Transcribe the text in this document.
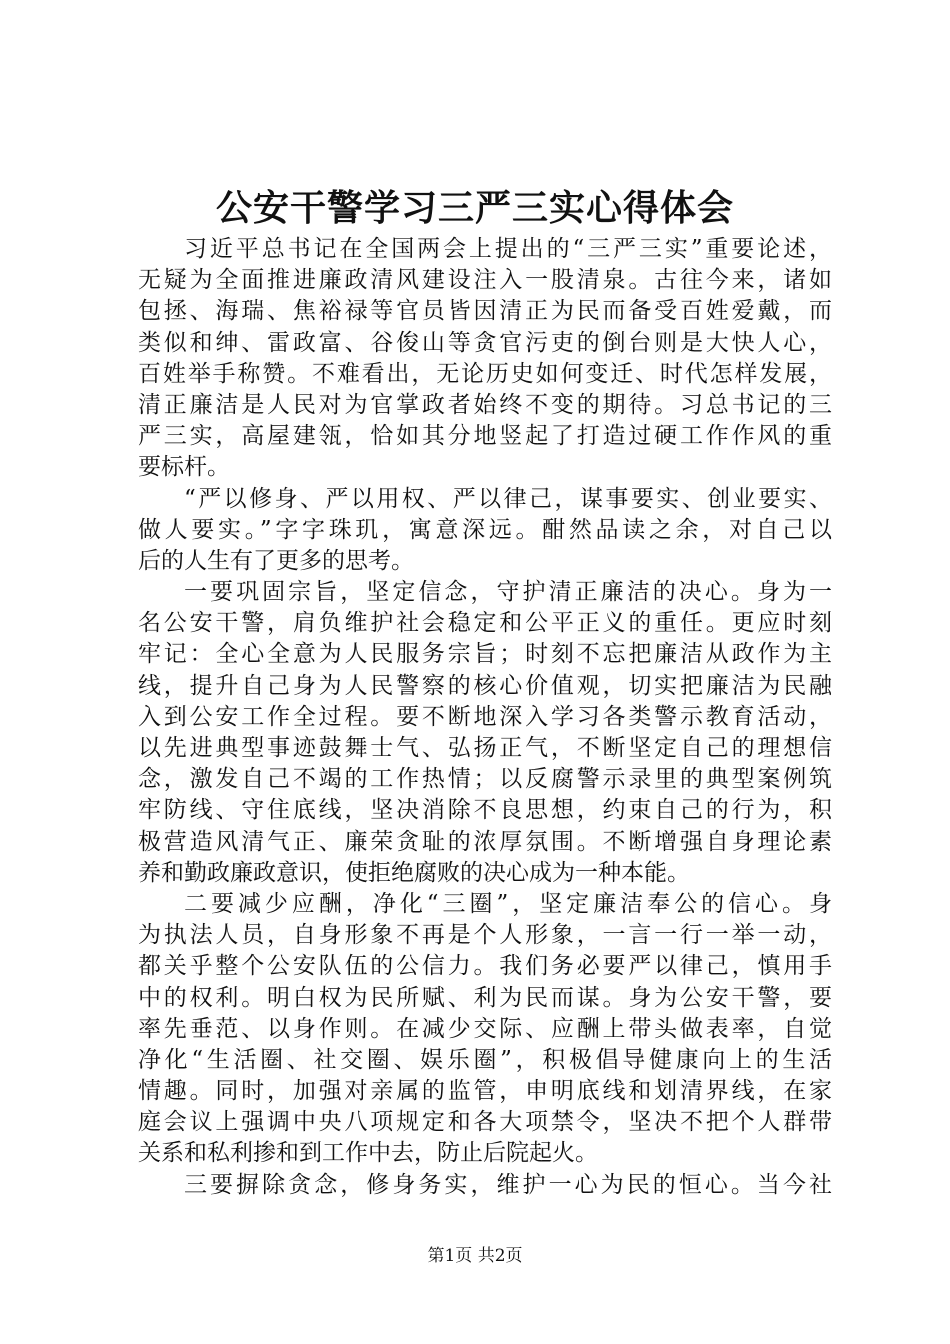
公安干警学习三严三实心得体会
习近平总书记在全国两会上提出的“三严三实”重要论述，
无疑为全面推进廉政清风建设注入一股清泉。古往今来，诸如
包拯、海瑞、焦裕禄等官员皆因清正为民而备受百姓爱戴，而
类似和绅、雷政富、谷俊山等贪官污吏的倒台则是大快人心，
百姓举手称赞。不难看出，无论历史如何变迁、时代怎样发展，
清正廉洁是人民对为官掌政者始终不变的期待。习总书记的三
严三实，高屋建瓴，恰如其分地竖起了打造过硬工作作风的重
要标杆。
“严以修身、严以用权、严以律己，谋事要实、创业要实、
做人要实。”字字珠玑，寓意深远。酣然品读之余，对自己以
后的人生有了更多的思考。
一要巩固宗旨，坚定信念，守护清正廉洁的决心。身为一
名公安干警，肩负维护社会稳定和公平正义的重任。更应时刻
牢记：全心全意为人民服务宗旨；时刻不忘把廉洁从政作为主
线，提升自己身为人民警察的核心价值观，切实把廉洁为民融
入到公安工作全过程。要不断地深入学习各类警示教育活动，
以先进典型事迹鼓舞士气、弘扬正气，不断坚定自己的理想信
念，激发自己不竭的工作热情；以反腐警示录里的典型案例筑
牢防线、守住底线，坚决消除不良思想，约束自己的行为，积
极营造风清气正、廉荣贪耻的浓厚氛围。不断增强自身理论素
养和勤政廉政意识，使拒绝腐败的决心成为一种本能。
二要减少应酬，净化“三圈”，坚定廉洁奉公的信心。身
为执法人员，自身形象不再是个人形象，一言一行一举一动，
都关乎整个公安队伍的公信力。我们务必要严以律己，慎用手
中的权利。明白权为民所赋、利为民而谋。身为公安干警，要
率先垂范、以身作则。在减少交际、应酬上带头做表率，自觉
净化“生活圈、社交圈、娱乐圈”，积极倡导健康向上的生活
情趣。同时，加强对亲属的监管，申明底线和划清界线，在家
庭会议上强调中央八项规定和各大项禁令，坚决不把个人群带
关系和私利掺和到工作中去，防止后院起火。
三要摒除贪念，修身务实，维护一心为民的恒心。当今社
第1页 共2页
